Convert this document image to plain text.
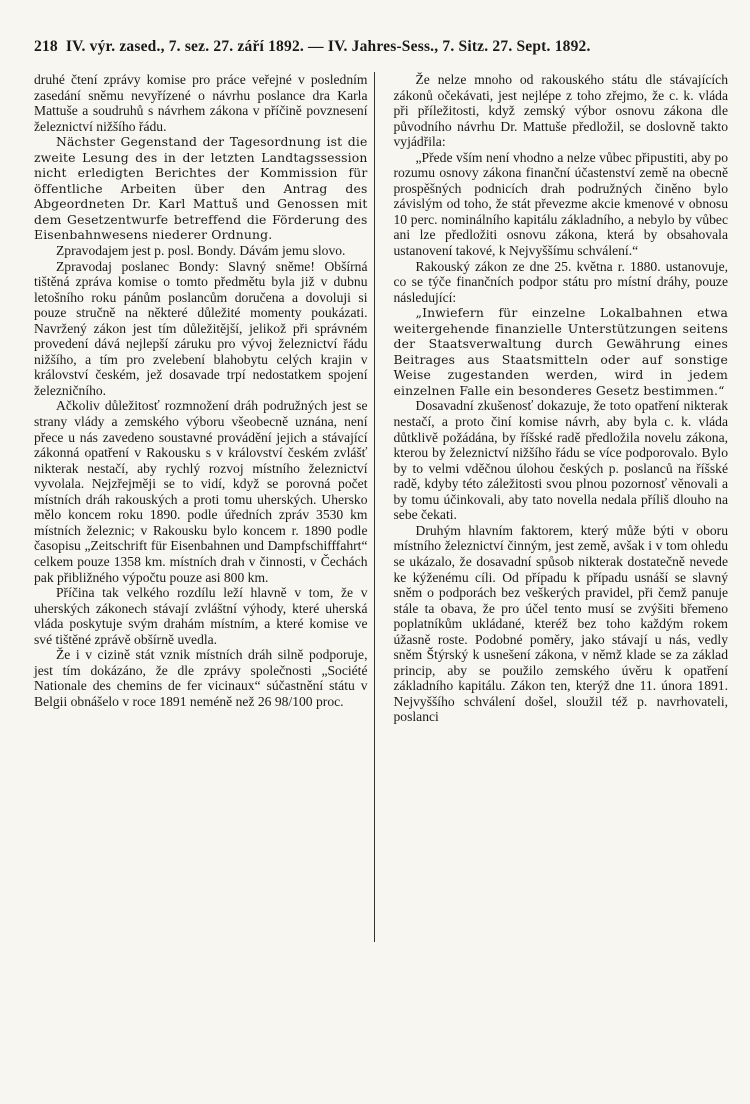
218 IV. výr. zased., 7. sez. 27. září 1892. — IV. Jahres-Sess., 7. Sitz. 27. Sept. 1892.

druhé čtení zprávy komise pro práce veřejné v posledním zasedání sněmu nevyřízené o návrhu poslance dra Karla Mattuše a soudruhů s návrhem zákona v příčině povznesení železnictví nižšího řádu.

Nächster Gegenstand der Tagesordnung ist die zweite Lesung des in der letzten Landtagssession nicht erledigten Berichtes der Kommission für öffentliche Arbeiten über den Antrag des Abgeordneten Dr. Karl Mattuš und Genossen mit dem Gesetzentwurfe betreffend die Förderung des Eisenbahnwesens niederer Ordnung.

Zpravodajem jest p. posl. Bondy. Dávám jemu slovo.

Zpravodaj poslanec Bondy: Slavný sněme! Obšírná tištěná zpráva komise o tomto předmětu byla již v dubnu letošního roku pánům poslancům doručena a dovoluji si pouze stručně na některé důležité momenty poukázati. Navržený zákon jest tím důležitější, jelikož při správném provedení dává nejlepší záruku pro vývoj železnictví řádu nižšího, a tím pro zvelebení blahobytu celých krajin v království českém, jež dosavade trpí nedostatkem spojení železničního.

Ačkoliv důležitosť rozmnožení dráh podružných jest se strany vlády a zemského výboru všeobecně uznána, není přece u nás zavedeno soustavné provádění jejich a stávající zákonná opatření v Rakousku s v království českém zvlášť nikterak nestačí, aby rychlý rozvoj místního železnictví vyvolala. Nejzřejměji se to vidí, když se porovná počet místních dráh rakouských a proti tomu uherských. Uhersko mělo koncem roku 1890. podle úředních zpráv 3530 km místních železnic; v Rakousku bylo koncem r. 1890 podle časopisu „Zeitschrift für Eisenbahnen und Dampfschifffahrt“ celkem pouze 1358 km. místních drah v činnosti, v Čechách pak přibližného výpočtu pouze asi 800 km.

Příčina tak velkého rozdílu leží hlavně v tom, že v uherských zákonech stávají zvláštní výhody, které uherská vláda poskytuje svým drahám místním, a které komise ve své tištěné zprávě obšírně uvedla.

Že i v cizině stát vznik místních dráh silně podporuje, jest tím dokázáno, že dle zprávy společnosti „Société Nationale des chemins de fer vicinaux“ súčastnění státu v Belgii obnášelo v roce 1891 neméně než 26 98/100 proc.

Že nelze mnoho od rakouského státu dle stávajících zákonů očekávati, jest nejlépe z toho zřejmo, že c. k. vláda při příležitosti, když zemský výbor osnovu zákona dle původního návrhu Dr. Mattuše předložil, se doslovně takto vyjádřila:

„Přede vším není vhodno a nelze vůbec připustiti, aby po rozumu osnovy zákona finanční účastenství země na obecně prospěšných podnicích drah podružných činěno bylo závislým od toho, že stát převezme akcie kmenové v obnosu 10 perc. nominálního kapitálu základního, a nebylo by vůbec ani lze předložiti osnovu zákona, která by obsahovala ustanovení takové, k Nejvyššímu schválení.“

Rakouský zákon ze dne 25. května r. 1880. ustanovuje, co se týče finančních podpor státu pro místní dráhy, pouze následující:

„Inwiefern für einzelne Lokalbahnen etwa weitergehende finanzielle Unterstützungen seitens der Staatsverwaltung durch Gewährung eines Beitrages aus Staatsmitteln oder auf sonstige Weise zugestanden werden, wird in jedem einzelnen Falle ein besonderes Gesetz bestimmen.“

Dosavadní zkušenosť dokazuje, že toto opatření nikterak nestačí, a proto činí komise návrh, aby byla c. k. vláda důtklivě požádána, by říšské radě předložila novelu zákona, kterou by železnictví nižšího řádu se více podporovalo. Bylo by to velmi vděčnou úlohou českých p. poslanců na říšské radě, kdyby této záležitosti svou plnou pozornosť věnovali a by tomu účinkovali, aby tato novella nedala příliš dlouho na sebe čekati.

Druhým hlavním faktorem, který může býti v oboru místního železnictví činným, jest země, avšak i v tom ohledu se ukázalo, že dosavadní spůsob nikterak dostatečně nevede ke kýženému cíli. Od případu k případu usnáší se slavný sněm o podporách bez veškerých pravidel, při čemž panuje stále ta obava, že pro účel tento musí se zvýšiti břemeno poplatníkům ukládané, kteréž bez toho každým rokem úžasně roste. Podobné poměry, jako stávají u nás, vedly sněm Štýrský k usnešení zákona, v němž klade se za základ princip, aby se použilo zemského úvěru k opatření základního kapitálu. Zákon ten, kterýž dne 11. února 1891. Nejvyššího schválení došel, sloužil též p. navrhovateli, poslanci
